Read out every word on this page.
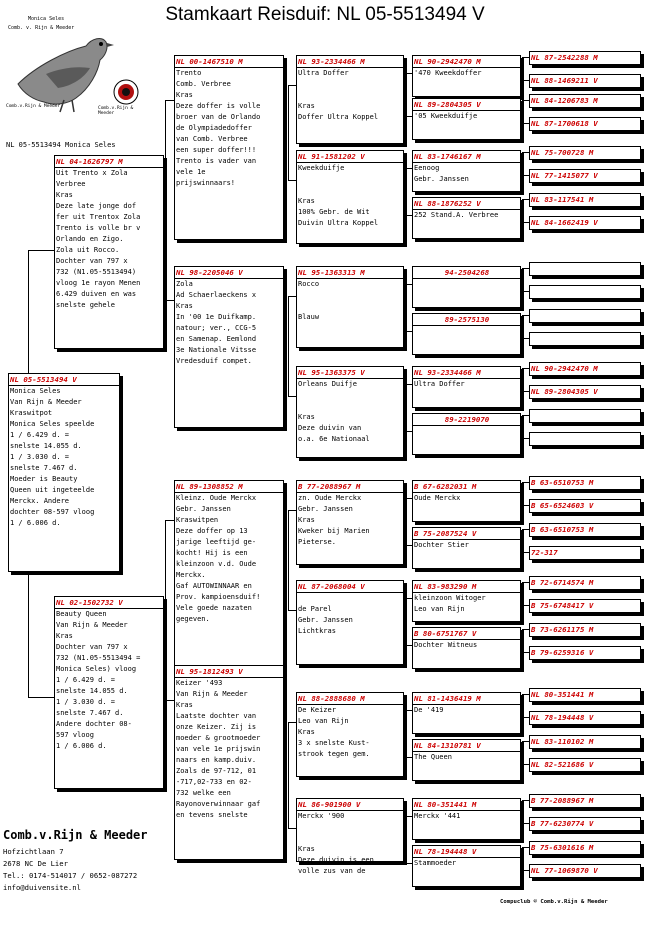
Stamkaart Reisduif: NL 05-5513494 V
Monica Seles
Comb. v. Rijn & Meeder
Comb.v.Rijn & Meeder	Comb.v.Rijn & Meeder
NL 05-5513494 Monica Seles
NL 05-5513494 V
Monica Seles
Van Rijn & Meeder
Kraswitpot
Monica Seles speelde
1 / 6.429 d. =
snelste 14.055 d.
1 / 3.030 d. =
snelste 7.467 d.
Moeder is Beauty
Queen uit ingeteelde
Merckx. Andere
dochter 08-597 vloog
1 / 6.006 d.
NL 04-1626797 M
Uit Trento x Zola
Verbree
Kras
Deze late jonge dof
fer uit Trentox Zola
Trento is volle br v
Orlando en Zigo.
Zola uit Rocco.
Dochter van 797 x
732 (N1.05-5513494)
vloog 1e rayon Menen
6.429 duiven en was
snelste gehele
NL 02-1502732 V
Beauty Queen
Van Rijn & Meeder
Kras
Dochter van 797 x
732 (N1.05-5513494 =
Monica Seles) vloog
1 / 6.429 d. =
snelste 14.055 d.
1 / 3.030 d. =
snelste 7.467 d.
Andere dochter 08-
597 vloog
1 / 6.006 d.
NL 00-1467510 M
Trento
Comb. Verbree
Kras
Deze doffer is volle
broer van de Orlando
de Olympiadedoffer
van Comb. Verbree
een super doffer!!!
Trento is vader van
vele 1e
prijswinnaars!
NL 98-2205046 V
Zola
Ad Schaerlaeckens x
Kras
In '00 1e Duifkamp.
natour; ver., CCG-5
en Samenap. Eemlond
3e Nationale Vitsse
Vredesduif compet.
NL 89-1308852 M
Kleinz. Oude Merckx
Gebr. Janssen
Kraswitpen
Deze doffer op 13
jarige leeftijd ge-
kocht! Hij is een
kleinzoon v.d. Oude
Merckx.
Gaf AUTOWINNAAR en
Prov. kampioensduif!
Vele goede nazaten
gegeven.
NL 95-1812493 V
Keizer '493
Van Rijn & Meeder
Kras
Laatste dochter van
onze Keizer. Zij is
moeder & grootmoeder
van vele 1e prijswin
naars en kamp.duiv.
Zoals de 97-712, 01
-717,02-733 en 02-
732 welke een
Rayonoverwinnaar gaf
en tevens snelste
NL 93-2334466 M
Ultra Doffer

Kras
Doffer Ultra Koppel
NL 91-1581202 V
Kweekduifje

Kras
100% Gebr. de Wit
Duivin Ultra Koppel
NL 95-1363313 M
Rocco

Blauw
NL 95-1363375 V
Orleans Duifje

Kras
Deze duivin van
o.a. 6e Nationaal
B 77-2088967 M
zn. Oude Merckx
Gebr. Janssen
Kras
Kweker bij Marien
Pieterse.
NL 87-2068004 V

de Parel
Gebr. Janssen
Lichtkras
NL 88-2888680 M
De Keizer
Leo van Rijn
Kras
3 x snelste Kust-
strook tegen gem.
NL 86-901900 V
Merckx '900

Kras
Deze duivin is een
volle zus van de
NL 90-2942470 M
'470 Kweekdoffer
NL 89-2804305 V
'05 Kweekduifje
NL 83-1746167 M
Eenoog
Gebr. Janssen
NL 88-1876252 V
252 Stand.A. Verbree
94-2504268

89-2575130

NL 93-2334466 M
Ultra Doffer
89-2219070

B 67-6282031 M
Oude Merckx
B 75-2087524 V
Dochter Stier
NL 83-983290 M
kleinzoon Witoger
Leo van Rijn
B 80-6751767 V
Dochter Witneus
NL 81-1436419 M
De '419
NL 84-1310781 V
The Queen
NL 80-351441 M
Merckx '441
NL 78-194448 V
Stammoeder
NL 87-2542288 M
NL 88-1469211 V
NL 84-1206783 M
NL 87-1700618 V
NL 75-700728 M
NL 77-1415077 V
NL 83-117541 M
NL 84-1662419 V

NL 90-2942470 M
NL 89-2804305 V

B 63-6510753 M
B 65-6524603 V
B 63-6510753 M
72-317
B 72-6714574 M
B 75-6748417 V
B 73-6261175 M
B 79-6259316 V
NL 80-351441 M
NL 78-194448 V
NL 83-110102 M
NL 82-521686 V
B 77-2088967 M
B 77-6230774 V
B 75-6301616 M
NL 77-1069870 V
Comb.v.Rijn & Meeder
Hofzichtlaan 7
2678 NC De Lier
Tel.: 0174-514017 / 0652-087272
info@duivensite.nl
Compuclub © Comb.v.Rijn & Meeder
